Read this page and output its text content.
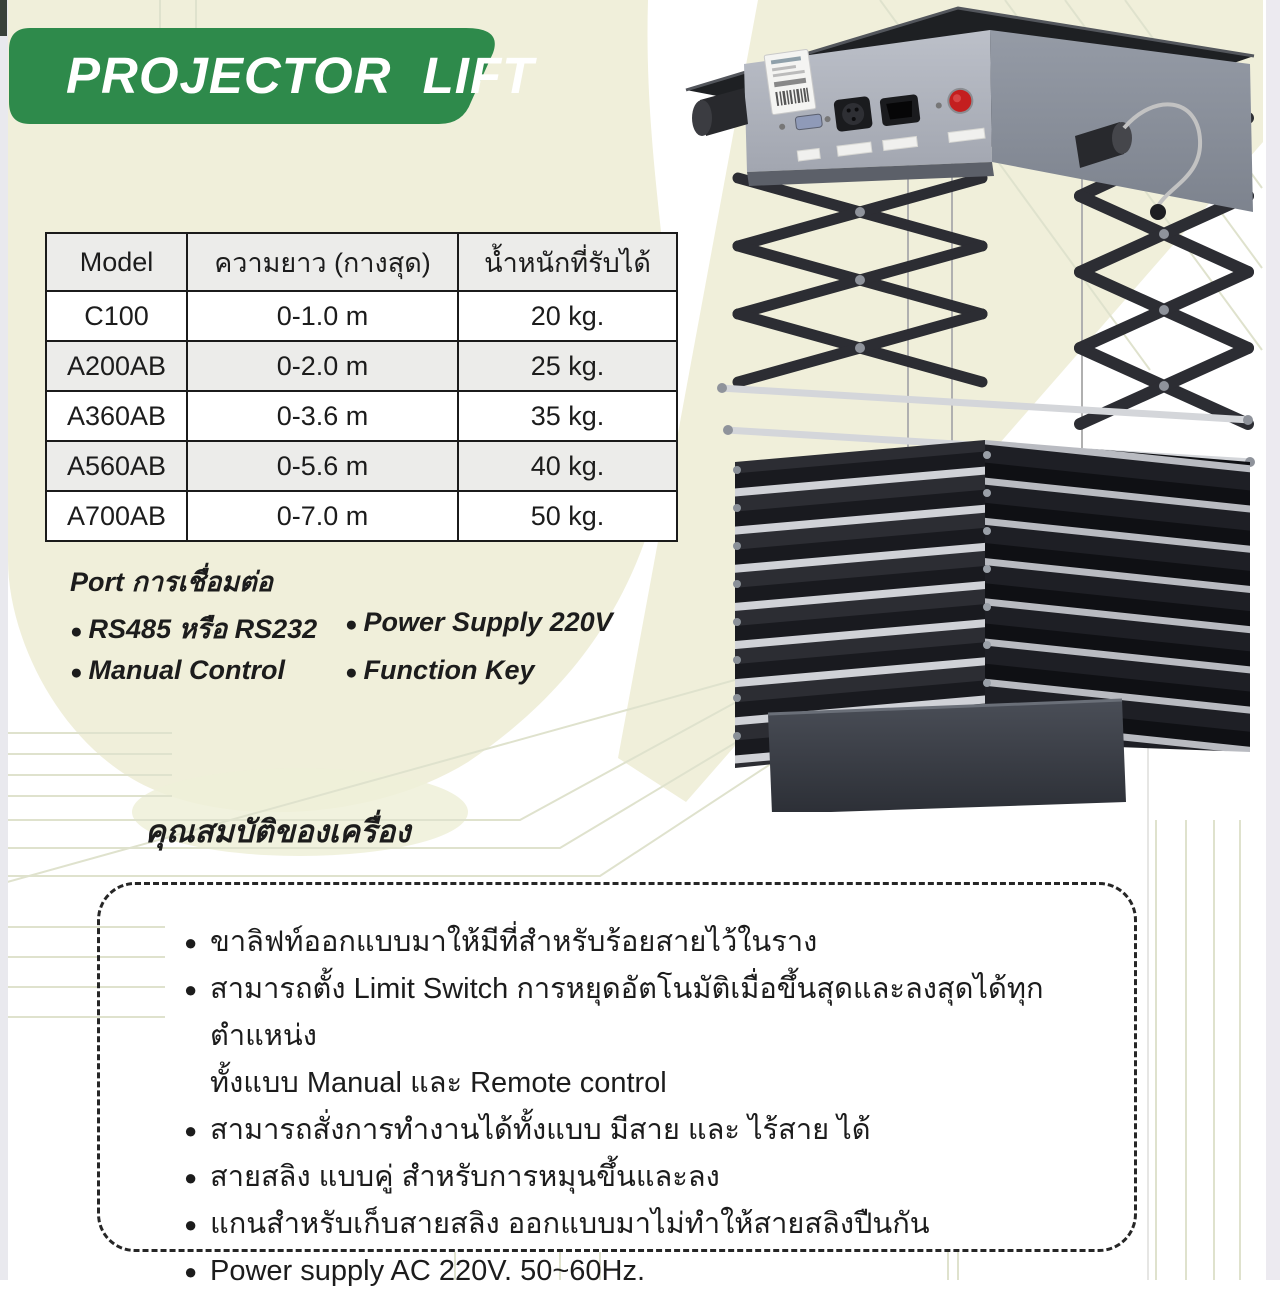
PROJECTOR LIFT
Model	ความยาว (กางสุด)	น้ำหนักที่รับได้
C100	0-1.0 m	20 kg.
A200AB	0-2.0 m	25 kg.
A360AB	0-3.6 m	35 kg.
A560AB	0-5.6 m	40 kg.
A700AB	0-7.0 m	50 kg.
Port การเชื่อมต่อ
● RS485 หรือ RS232	● Power Supply 220V
● Manual Control	● Function Key
คุณสมบัติของเครื่อง
● ขาลิฟท์ออกแบบมาให้มีที่สำหรับร้อยสายไว้ในราง
● สามารถตั้ง Limit Switch การหยุดอัตโนมัติเมื่อขึ้นสุดและลงสุดได้ทุกตำแหน่ง
ทั้งแบบ Manual และ Remote control
● สามารถสั่งการทำงานได้ทั้งแบบ มีสาย และ ไร้สาย ได้
● สายสลิง แบบคู่ สำหรับการหมุนขึ้นและลง
● แกนสำหรับเก็บสายสลิง ออกแบบมาไม่ทำให้สายสลิงปืนกัน
● Power supply AC 220V. 50~60Hz.
